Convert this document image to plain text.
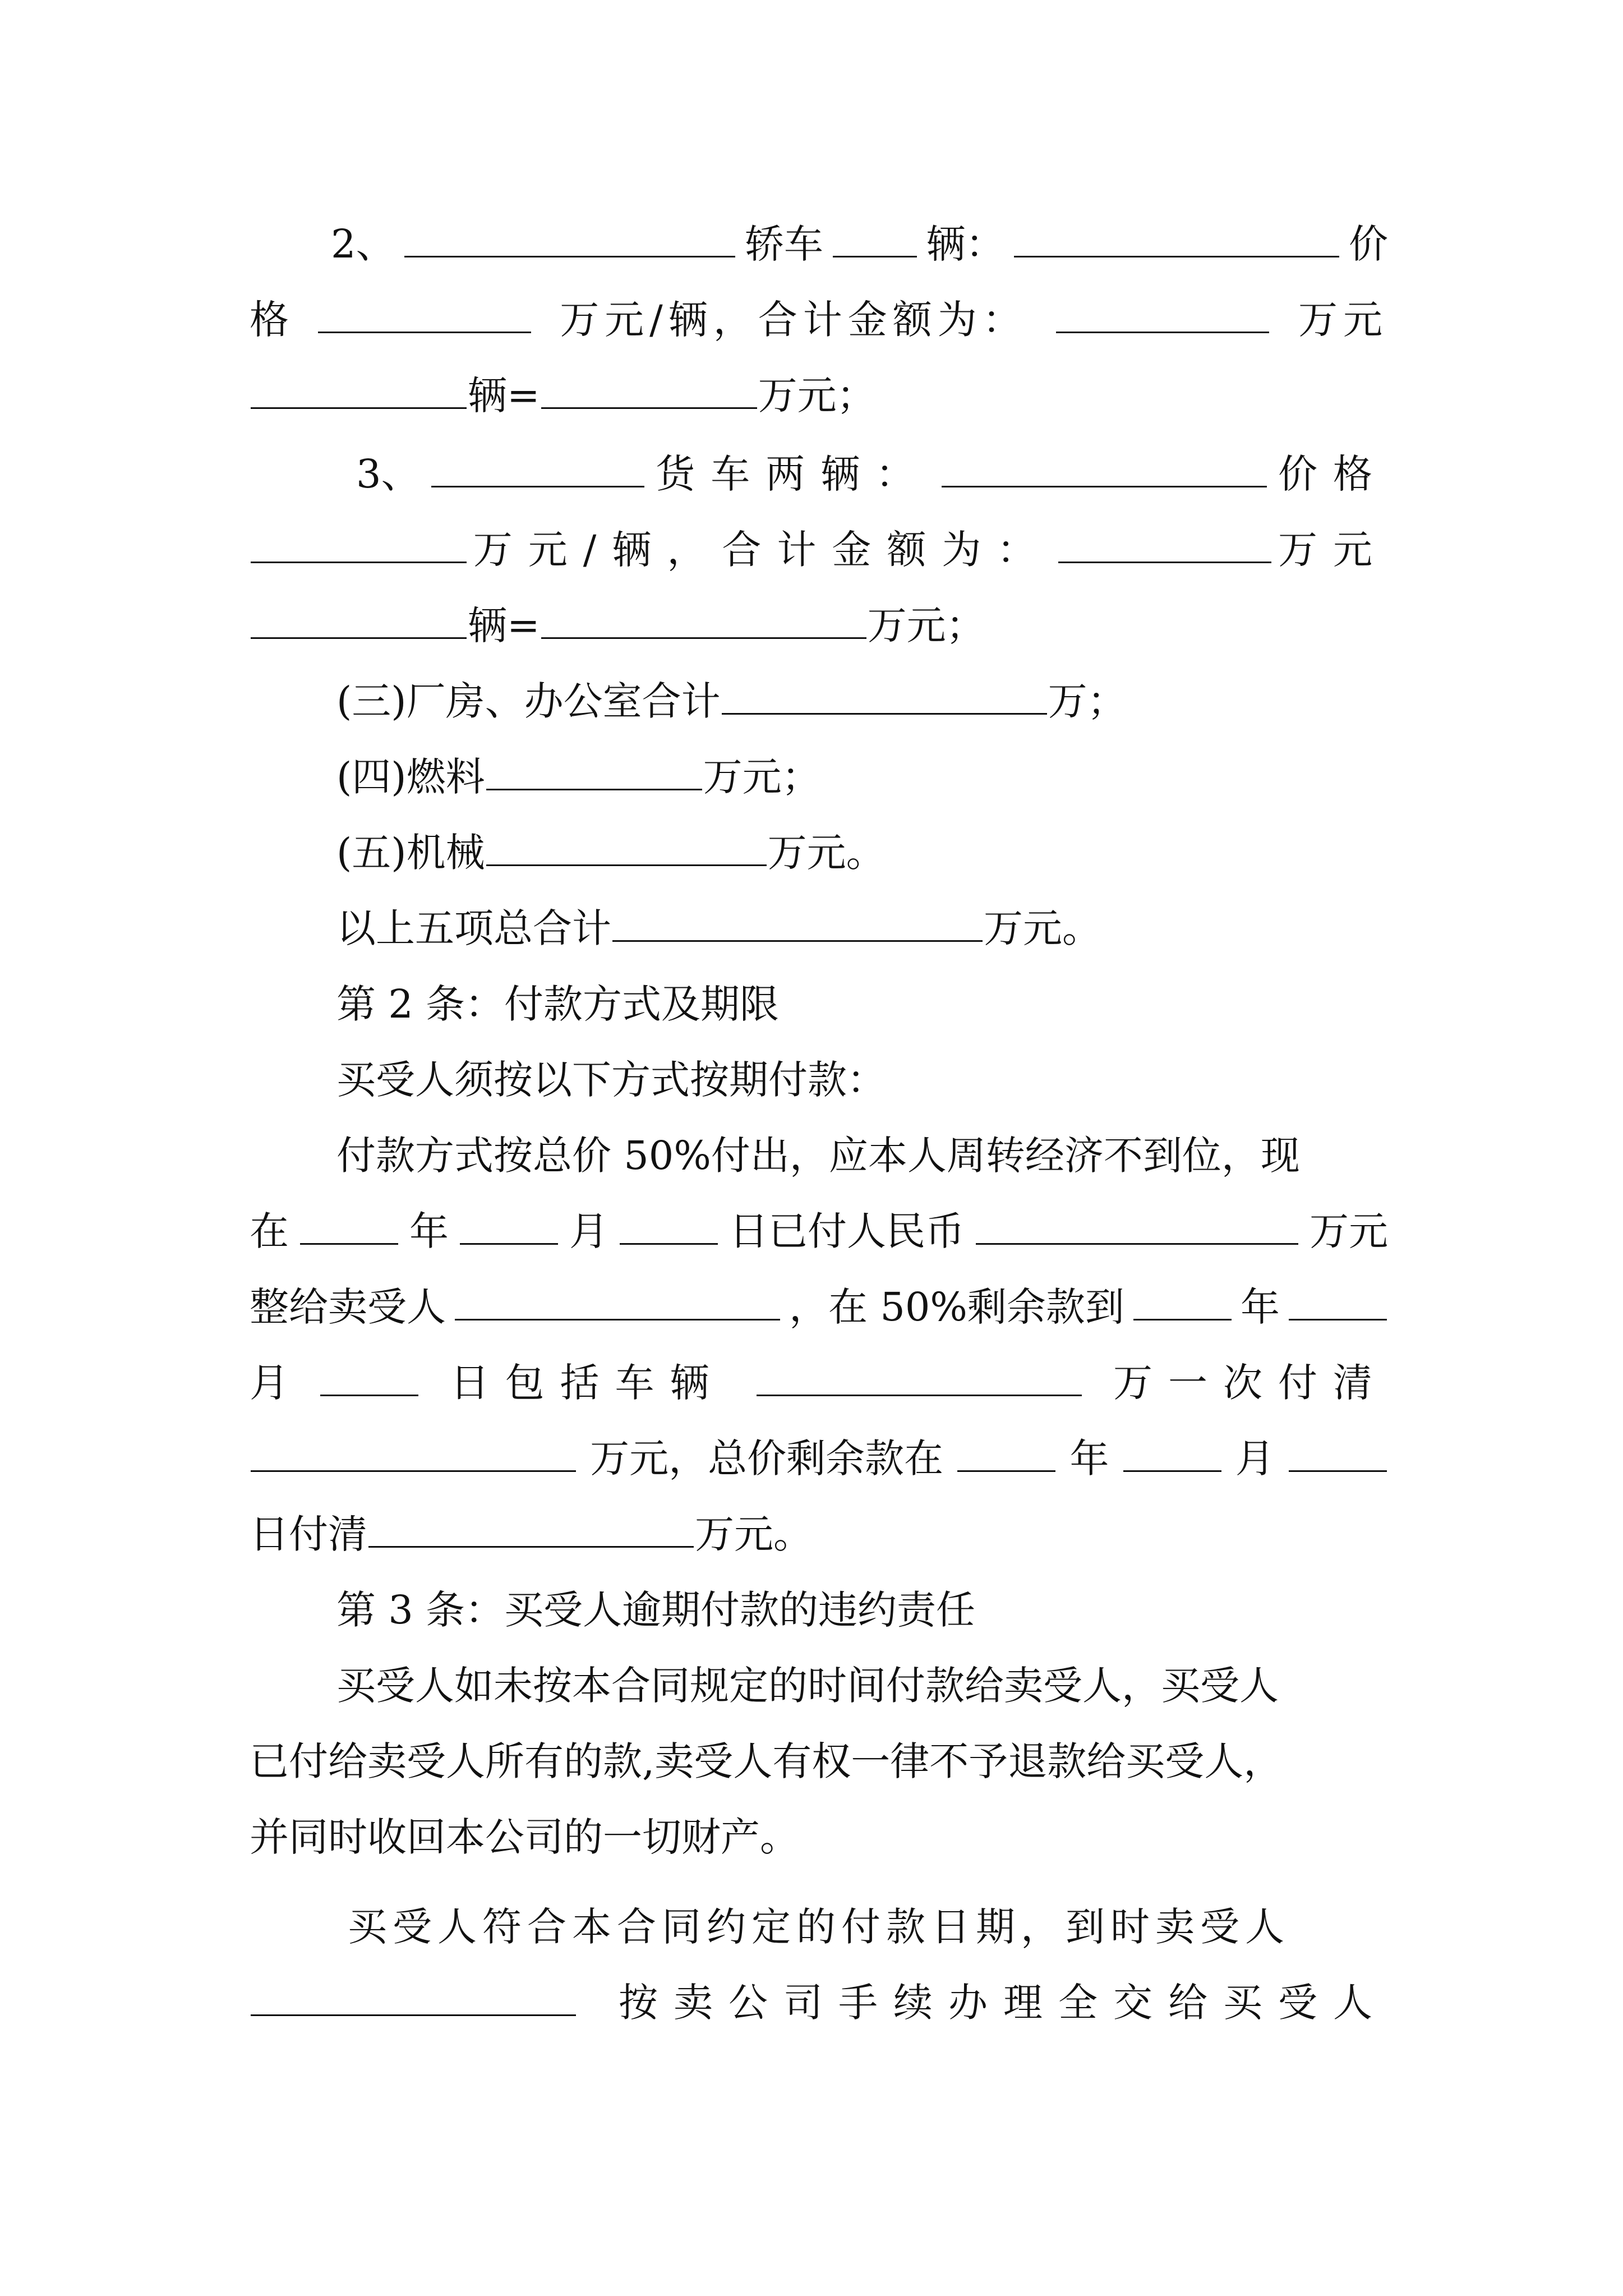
2、	轿车	辆：	价
格	万元/辆，合计金额为：	万元
辆=	万元；
3、	货车两辆：	价格
万元/辆，合计金额为：	万元
辆=	万元；
(三)厂房、办公室合计	万；
(四)燃料	万元；
(五)机械	万元。
以上五项总合计	万元。
第 2 条：付款方式及期限
买受人须按以下方式按期付款：
付款方式按总价 50%付出，应本人周转经济不到位，现
在	年	月	日已付人民币	万元
整给卖受人	，在 50%剩余款到	年
月	日包括车辆	万一次付清
万元，总价剩余款在	年	月
日付清	万元。
第 3 条：买受人逾期付款的违约责任
买受人如未按本合同规定的时间付款给卖受人，买受人
已付给卖受人所有的款,卖受人有权一律不予退款给买受人，
并同时收回本公司的一切财产。
买受人符合本合同约定的付款日期，到时卖受人
按卖公司手续办理全交给买受人
